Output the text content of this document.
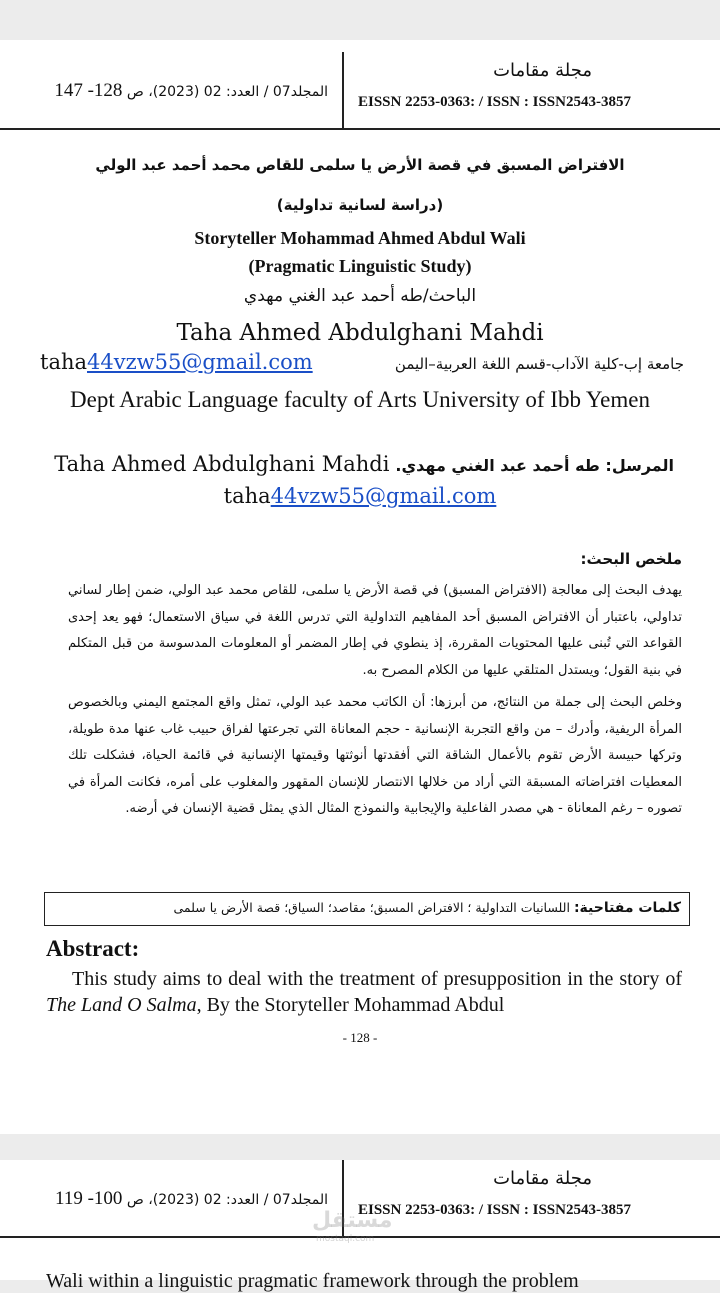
مجلة مقامات
EISSN 2253-0363: / ISSN : ISSN2543-3857
المجلد07 / العدد: 02 (2023)، ص 128- 147
الافتراض المسبق في قصة الأرض يا سلمى للقاص محمد أحمد عبد الولي
(دراسة لسانية تداولية)
Storyteller Mohammad Ahmed Abdul Wali
(Pragmatic Linguistic Study)
الباحث/طه أحمد عبد الغني مهدي
Taha Ahmed Abdulghani Mahdi
taha44vzw55@gmail.com	جامعة إب-كلية الآداب-قسم اللغة العربية–اليمن
Dept Arabic Language faculty of Arts University of Ibb Yemen
Taha Ahmed Abdulghani Mahdi المرسل: طه أحمد عبد الغني مهدي.
taha44vzw55@gmail.com
ملخص البحث:

يهدف البحث إلى معالجة (الافتراض المسبق) في قصة الأرض يا سلمى، للقاص محمد عبد الولي، ضمن إطار لساني تداولي، باعتبار أن الافتراض المسبق أحد المفاهيم التداولية التي تدرس اللغة في سياق الاستعمال؛ فهو يعد إحدى القواعد التي تُبنى عليها المحتويات المقررة، إذ ينطوي في إطار المضمر أو المعلومات المدسوسة من قبل المتكلم في بنية القول؛ ويستدل المتلقي عليها من الكلام المصرح به.

وخلص البحث إلى جملة من النتائج، من أبرزها: أن الكاتب محمد عبد الولي، تمثل واقع المجتمع اليمني وبالخصوص المرأة الريفية، وأدرك – من واقع التجربة الإنسانية - حجم المعاناة التي تجرعتها لفراق حبيب غاب عنها مدة طويلة، وتركها حبيسة الأرض تقوم بالأعمال الشاقة التي أفقدتها أنوثتها وقيمتها الإنسانية في قائمة الحياة، فشكلت تلك المعطيات افتراضاته المسبقة التي أراد من خلالها الانتصار للإنسان المقهور والمغلوب على أمره، فكانت المرأة في تصوره – رغم المعاناة - هي مصدر الفاعلية والإيجابية والنموذج المثال الذي يمثل قضية الإنسان في أرضه.

كلمات مفتاحية: اللسانيات التداولية ؛ الافتراض المسبق؛ مقاصد؛ السياق؛ قصة الأرض يا سلمى
Abstract:
This study aims to deal with the treatment of presupposition in the story of The Land O Salma, By the Storyteller Mohammad Abdul
- 128 -
مجلة مقامات
EISSN 2253-0363: / ISSN : ISSN2543-3857
المجلد07 / العدد: 02 (2023)، ص 100- 119
مستقل
mostaql.com
Wali within a linguistic pragmatic framework through the problem
